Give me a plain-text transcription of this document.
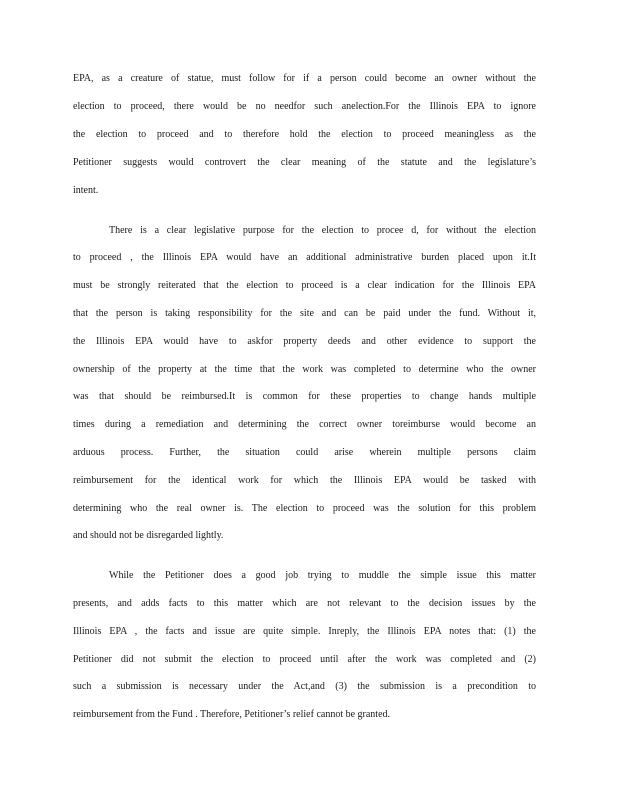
EPA, as a creature of statue, must follow for if a person could become an owner without the

election to proceed, there would be no needfor such anelection.For the Illinois EPA to ignore

the election to proceed and to therefore hold the election to proceed meaningless as the

Petitioner suggests would controvert the clear meaning of the statute and the legislature’s

intent.

There is a clear legislative purpose for the election to procee d, for without the election

to proceed , the Illinois EPA would have an additional administrative burden placed upon it.It

must be strongly reiterated that the election to proceed is a clear indication for the Illinois EPA

that the person is taking responsibility for the site and can be paid under the fund. Without it,

the Illinois EPA would have to askfor property deeds and other evidence to support the

ownership of the property at the time that the work was completed to determine who the owner

was that should be reimbursed.It is common for these properties to change hands multiple

times during a remediation and determining the correct owner toreimburse would become an

arduous process. Further, the situation could arise wherein multiple persons claim

reimbursement for the identical work for which the Illinois EPA would be tasked with

determining who the real owner is. The election to proceed was the solution for this problem

and should not be disregarded lightly.

While the Petitioner does a good job trying to muddle the simple issue this matter

presents, and adds facts to this matter which are not relevant to the decision issues by the

Illinois EPA , the facts and issue are quite simple. Inreply, the Illinois EPA notes that: (1) the

Petitioner did not submit the election to proceed until after the work was completed and (2)

such a submission is necessary under the Act,and (3) the submission is a precondition to

reimbursement from the Fund . Therefore, Petitioner’s relief cannot be granted.
